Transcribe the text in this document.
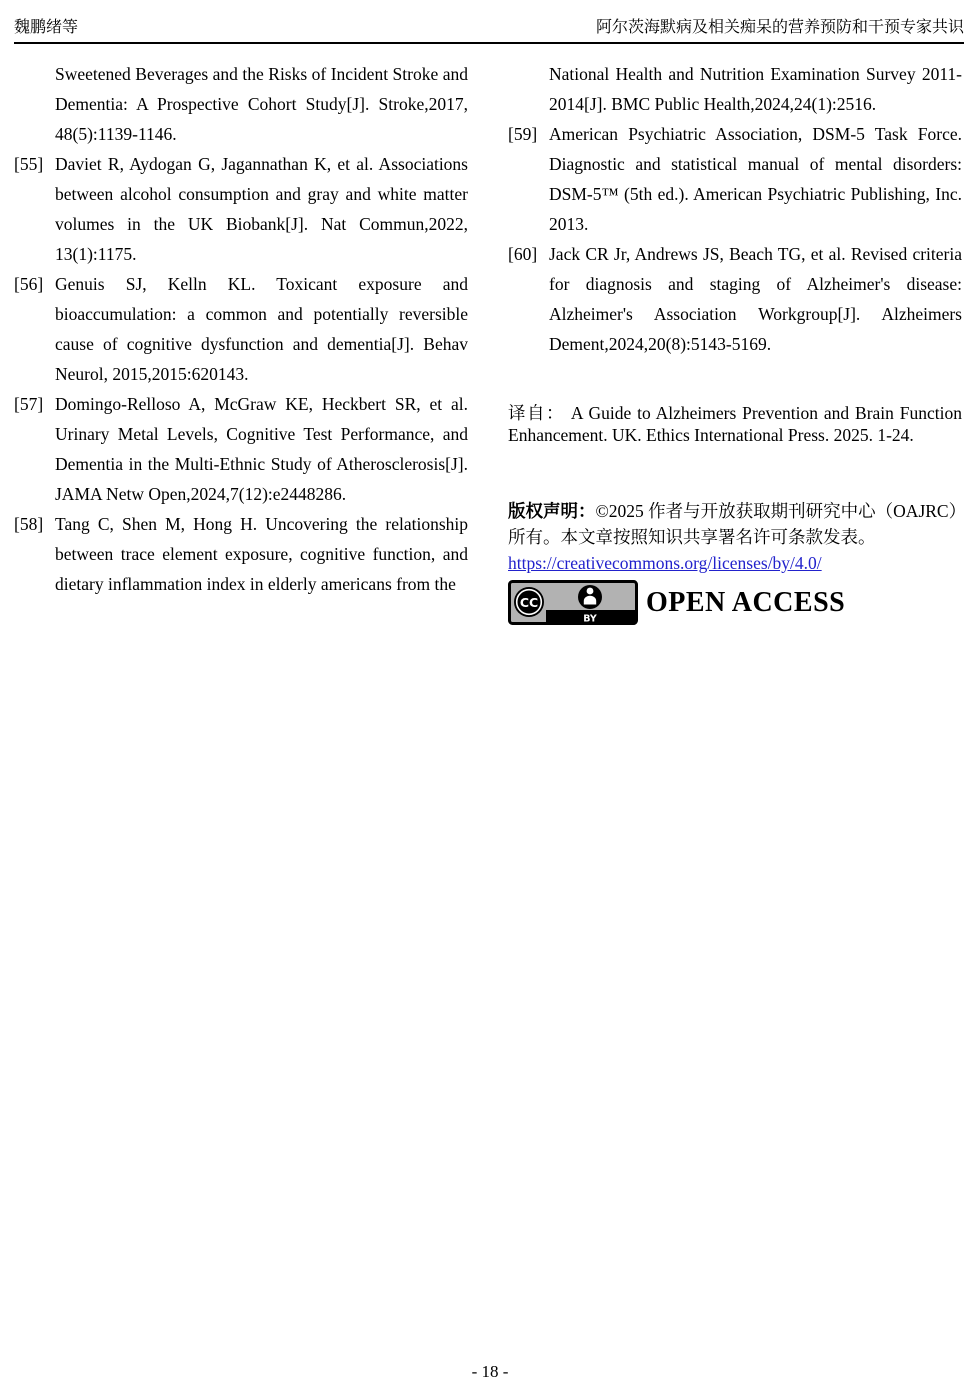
魏鹏绪等	阿尔茨海默病及相关痴呆的营养预防和干预专家共识
Sweetened Beverages and the Risks of Incident Stroke and Dementia: A Prospective Cohort Study[J]. Stroke,2017, 48(5):1139-1146.
[55] Daviet R, Aydogan G, Jagannathan K, et al. Associations between alcohol consumption and gray and white matter volumes in the UK Biobank[J]. Nat Commun,2022, 13(1):1175.
[56] Genuis SJ, Kelln KL. Toxicant exposure and bioaccumulation: a common and potentially reversible cause of cognitive dysfunction and dementia[J]. Behav Neurol, 2015,2015:620143.
[57] Domingo-Relloso A, McGraw KE, Heckbert SR, et al. Urinary Metal Levels, Cognitive Test Performance, and Dementia in the Multi-Ethnic Study of Atherosclerosis[J]. JAMA Netw Open,2024,7(12):e2448286.
[58] Tang C, Shen M, Hong H. Uncovering the relationship between trace element exposure, cognitive function, and dietary inflammation index in elderly americans from the
National Health and Nutrition Examination Survey 2011-2014[J]. BMC Public Health,2024,24(1):2516.
[59] American Psychiatric Association, DSM-5 Task Force. Diagnostic and statistical manual of mental disorders: DSM-5™ (5th ed.). American Psychiatric Publishing, Inc. 2013.
[60] Jack CR Jr, Andrews JS, Beach TG, et al. Revised criteria for diagnosis and staging of Alzheimer's disease: Alzheimer's Association Workgroup[J]. Alzheimers Dement,2024,20(8):5143-5169.
译自： A Guide to Alzheimers Prevention and Brain Function Enhancement. UK. Ethics International Press. 2025. 1-24.
版权声明：©2025 作者与开放获取期刊研究中心（OAJRC）所有。本文章按照知识共享署名许可条款发表。
https://creativecommons.org/licenses/by/4.0/
CC
BY
OPEN ACCESS
- 18 -
